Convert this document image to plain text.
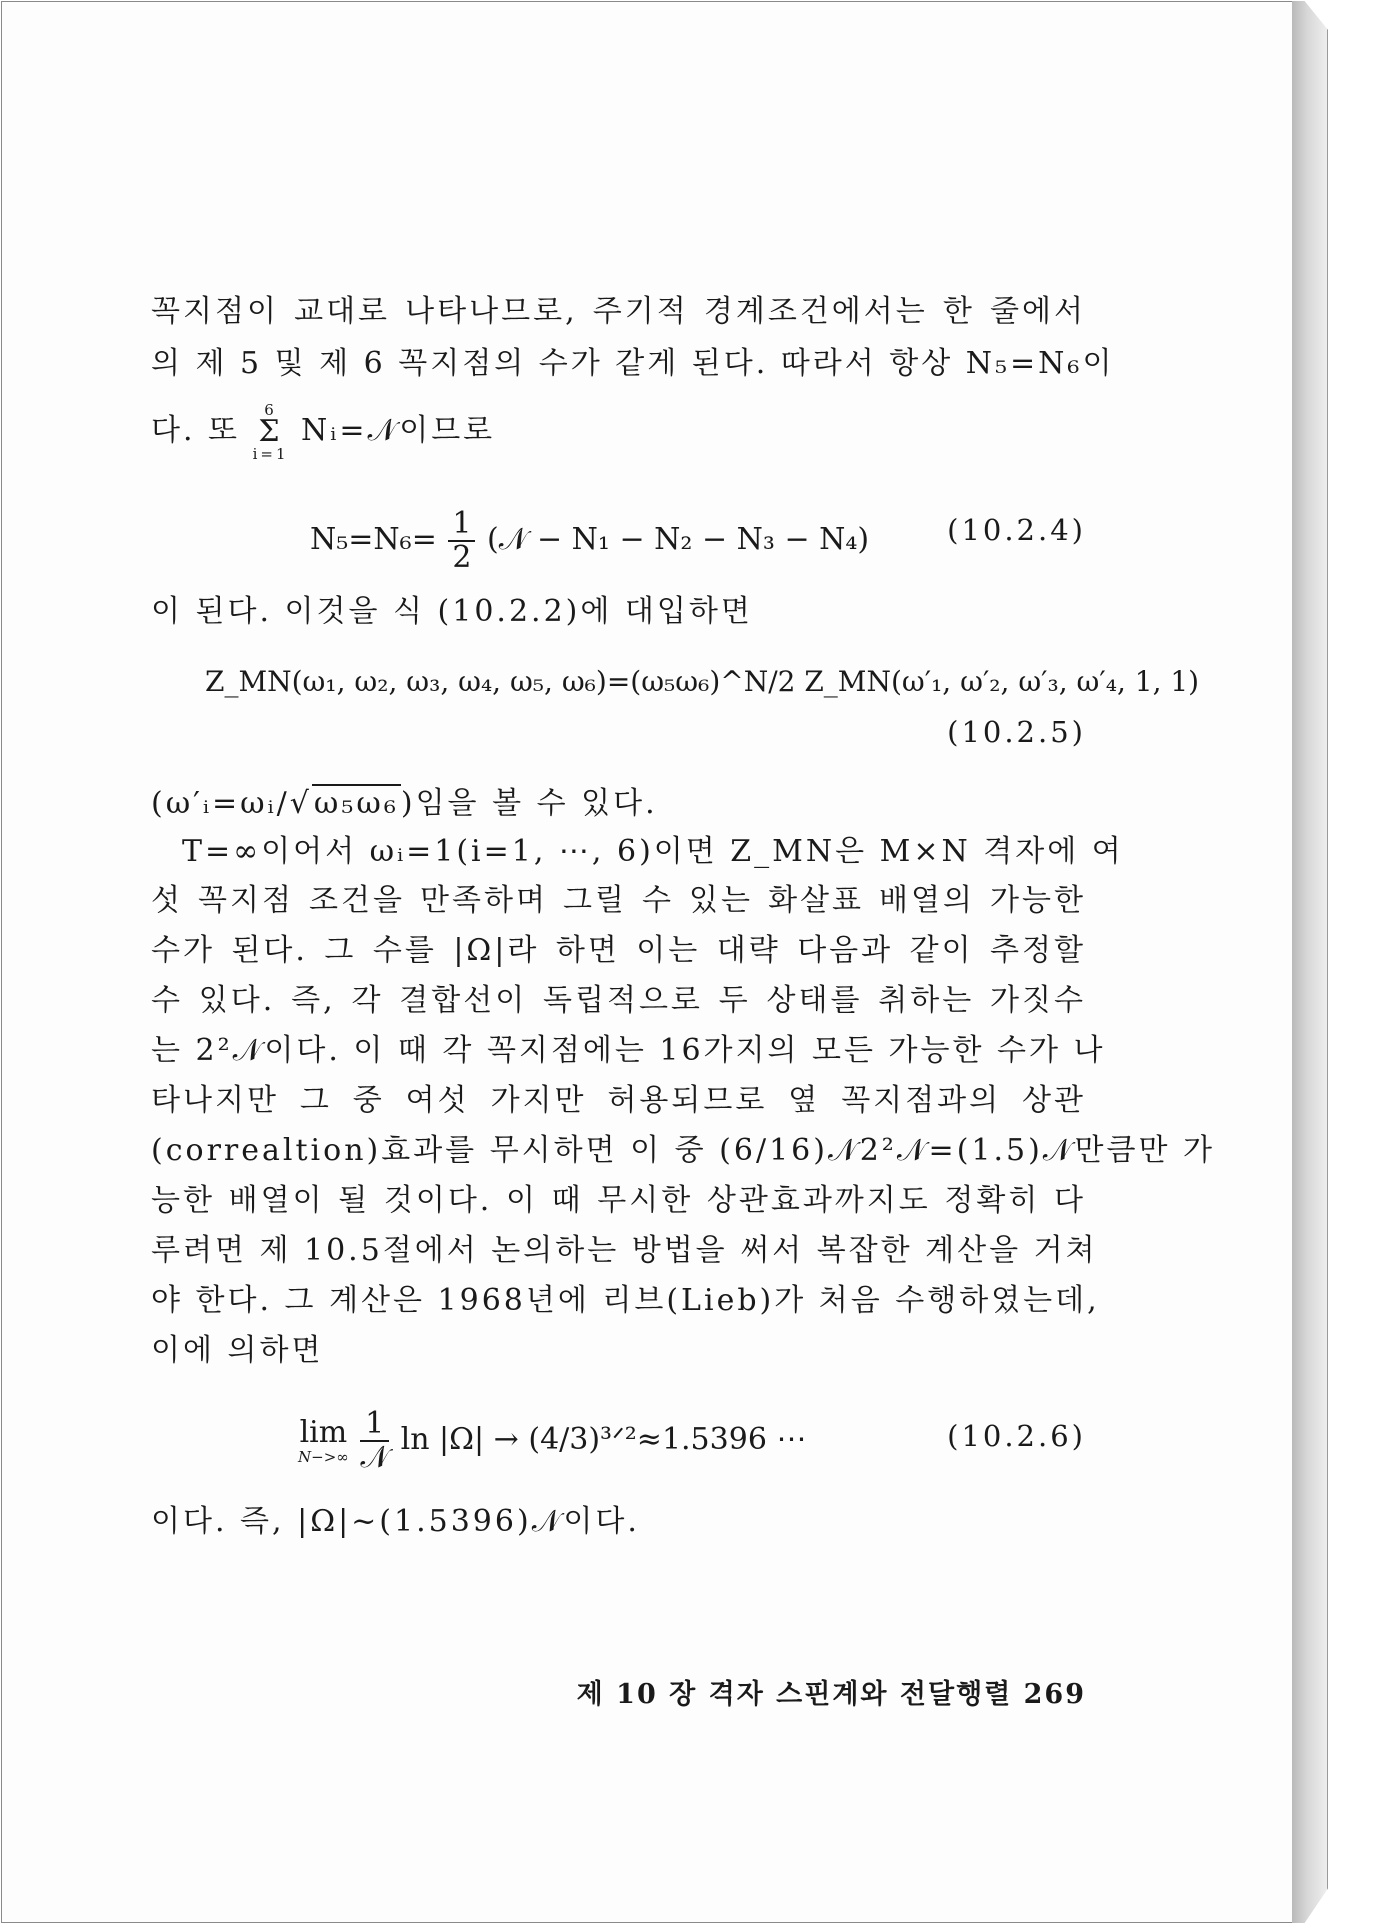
꼭지점이 교대로 나타나므로, 주기적 경계조건에서는 한 줄에서
의 제 5 및 제 6 꼭지점의 수가 같게 된다. 따라서 항상 N₅=N₆이
다. 또
6
Σ
i=1
Nᵢ=𝒩이므로
$N_5=N_6= \frac{1}{2}$ (𝒩 − N₁ − N₂ − N₃ − N₄)	(10.2.4)
이 된다. 이것을 식 (10.2.2)에 대입하면
Z_MN(ω₁, ω₂, ω₃, ω₄, ω₅, ω₆)=(ω₅ω₆)^N/2 Z_MN(ω′₁, ω′₂, ω′₃, ω′₄, 1, 1)
(10.2.5)
(ω′ᵢ=ωᵢ/√ω₅ω₆)임을 볼 수 있다.
T=∞이어서 ωᵢ=1(i=1, ⋯, 6)이면 Z_MN은 M×N 격자에 여
섯 꼭지점 조건을 만족하며 그릴 수 있는 화살표 배열의 가능한
수가 된다. 그 수를 |Ω|라 하면 이는 대략 다음과 같이 추정할
수 있다. 즉, 각 결합선이 독립적으로 두 상태를 취하는 가짓수
는 2²𝒩이다. 이 때 각 꼭지점에는 16가지의 모든 가능한 수가 나
타나지만 그 중 여섯 가지만 허용되므로 옆 꼭지점과의 상관
(correaltion)효과를 무시하면 이 중 (6/16)𝒩2²𝒩=(1.5)𝒩만큼만 가
능한 배열이 될 것이다. 이 때 무시한 상관효과까지도 정확히 다
루려면 제 10.5절에서 논의하는 방법을 써서 복잡한 계산을 거쳐
야 한다. 그 계산은 1968년에 리브(Lieb)가 처음 수행하였는데,
이에 의하면
lim
N−>∞
$\frac{1}{\text{𝒩}}$ ln |Ω| → (4/3)³ᐟ²≈1.5396 ⋯	(10.2.6)
이다. 즉, |Ω|~(1.5396)𝒩이다.
제 10 장 격자 스핀계와 전달행렬 269
